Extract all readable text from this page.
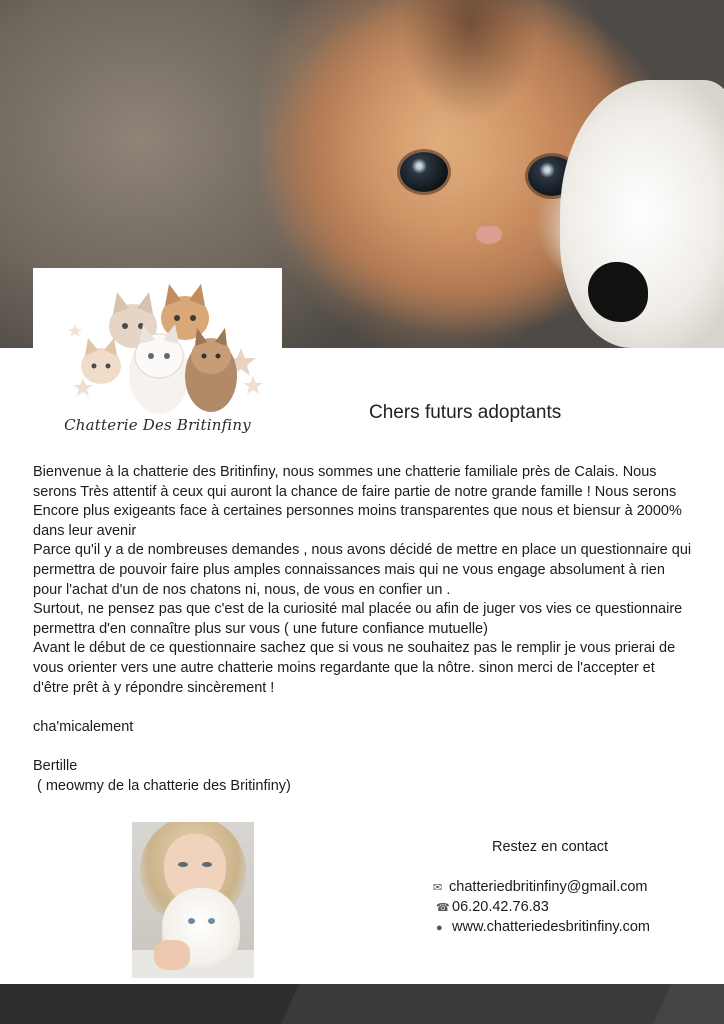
Chatterie Des Britinfiny
Chers futurs adoptants

Bienvenue à la chatterie des Britinfiny, nous sommes une chatterie familiale près de Calais. Nous serons Très attentif à ceux qui auront la chance de faire partie de notre grande famille ! Nous serons Encore plus exigeants face à certaines personnes moins transparentes que nous et biensur à 2000% dans leur avenir

Parce qu'il y a de nombreuses demandes , nous avons décidé de mettre en place un questionnaire qui permettra de pouvoir faire plus amples connaissances mais qui ne vous engage absolument à rien pour l'achat d'un de nos chatons ni, nous, de vous en confier un .

Surtout, ne pensez pas que c'est de la curiosité mal placée ou afin de juger vos vies ce questionnaire permettra d'en connaître plus sur vous ( une future confiance mutuelle)

Avant le début de ce questionnaire sachez que si vous ne souhaitez pas le remplir je vous prierai de vous orienter vers une autre chatterie moins regardante que la nôtre. sinon merci de l'accepter et d'être prêt à y répondre sincèrement !

cha'micalement

Bertille

( meowmy de la chatterie des Britinfiny)

Restez en contact
✉ chatteriedbritinfiny@gmail.com
☎ 06.20.42.76.83
● www.chatteriedesbritinfiny.com
